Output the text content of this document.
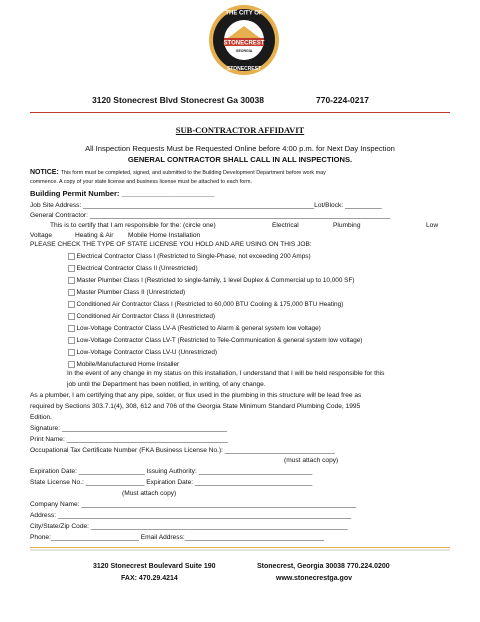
THE CITY OF
STONECREST
GEORGIA
STONECREST
3120 Stonecrest Blvd Stonecrest Ga 30038	770-224-0217
SUB-CONTRACTOR AFFIDAVIT
All Inspection Requests Must be Requested Online before 4:00 p.m. for Next Day Inspection
GENERAL CONTRACTOR SHALL CALL IN ALL INSPECTIONS.
NOTICE: This form must be completed, signed, and submitted to the Building Development Department before work may
commence. A copy of your state license and business license must be attached to each form.
Building Permit Number: ______________________
Job Site Address: _______________________________________________________________Lot/Block: __________
General Contractor: __________________________________________________________________________________
This is to certify that I am responsible for the: (circle one)	Electrical	Plumbing	Low
Voltage	Heating & Air Mobile Home Installation
PLEASE CHECK THE TYPE OF STATE LICENSE YOU HOLD AND ARE USING ON THIS JOB:
Electrical Contractor Class I (Restricted to Single-Phase, not exceeding 200 Amps)
Electrical Contractor Class II (Unrestricted)
Master Plumber Class I (Restricted to single-family, 1 level Duplex & Commercial up to 10,000 SF)
Master Plumber Class II (Unrestricted)
Conditioned Air Contractor Class I (Restricted to 60,000 BTU Cooling & 175,000 BTU Heating)
Conditioned Air Contractor Class II (Unrestricted)
Low-Voltage Contractor Class LV-A (Restricted to Alarm & general system low voltage)
Low-Voltage Contractor Class LV-T (Restricted to Tele-Communication & general system low voltage)
Low-Voltage Contractor Class LV-U (Unrestricted)
Mobile/Manufactured Home Installer
In the event of any change in my status on this installation, I understand that I will be held responsible for this
job until the Department has been notified, in writing, of any change.
As a plumber, I am certifying that any pipe, solder, or flux used in the plumbing in this structure will be lead free as
required by Sections 303.7.1(4), 308, 612 and 706 of the Georgia State Minimum Standard Plumbing Code, 1995
Edition.
Signature: _____________________________________________
Print Name: ____________________________________________
Occupational Tax Certificate Number (FKA Business License No.): ______________________________
(must attach copy)
Expiration Date: __________________ Issuing Authority: _______________________________
State License No.: ________________ Expiration Date: ________________________________
(Must attach copy)
Company Name: ___________________________________________________________________________
Address: ________________________________________________________________________________
City/State/Zip Code: ______________________________________________________________________
Phone:________________________ Email Address:______________________________________
3120 Stonecrest Boulevard Suite 190	Stonecrest, Georgia 30038 770.224.0200
FAX: 470.29.4214	www.stonecrestga.gov
